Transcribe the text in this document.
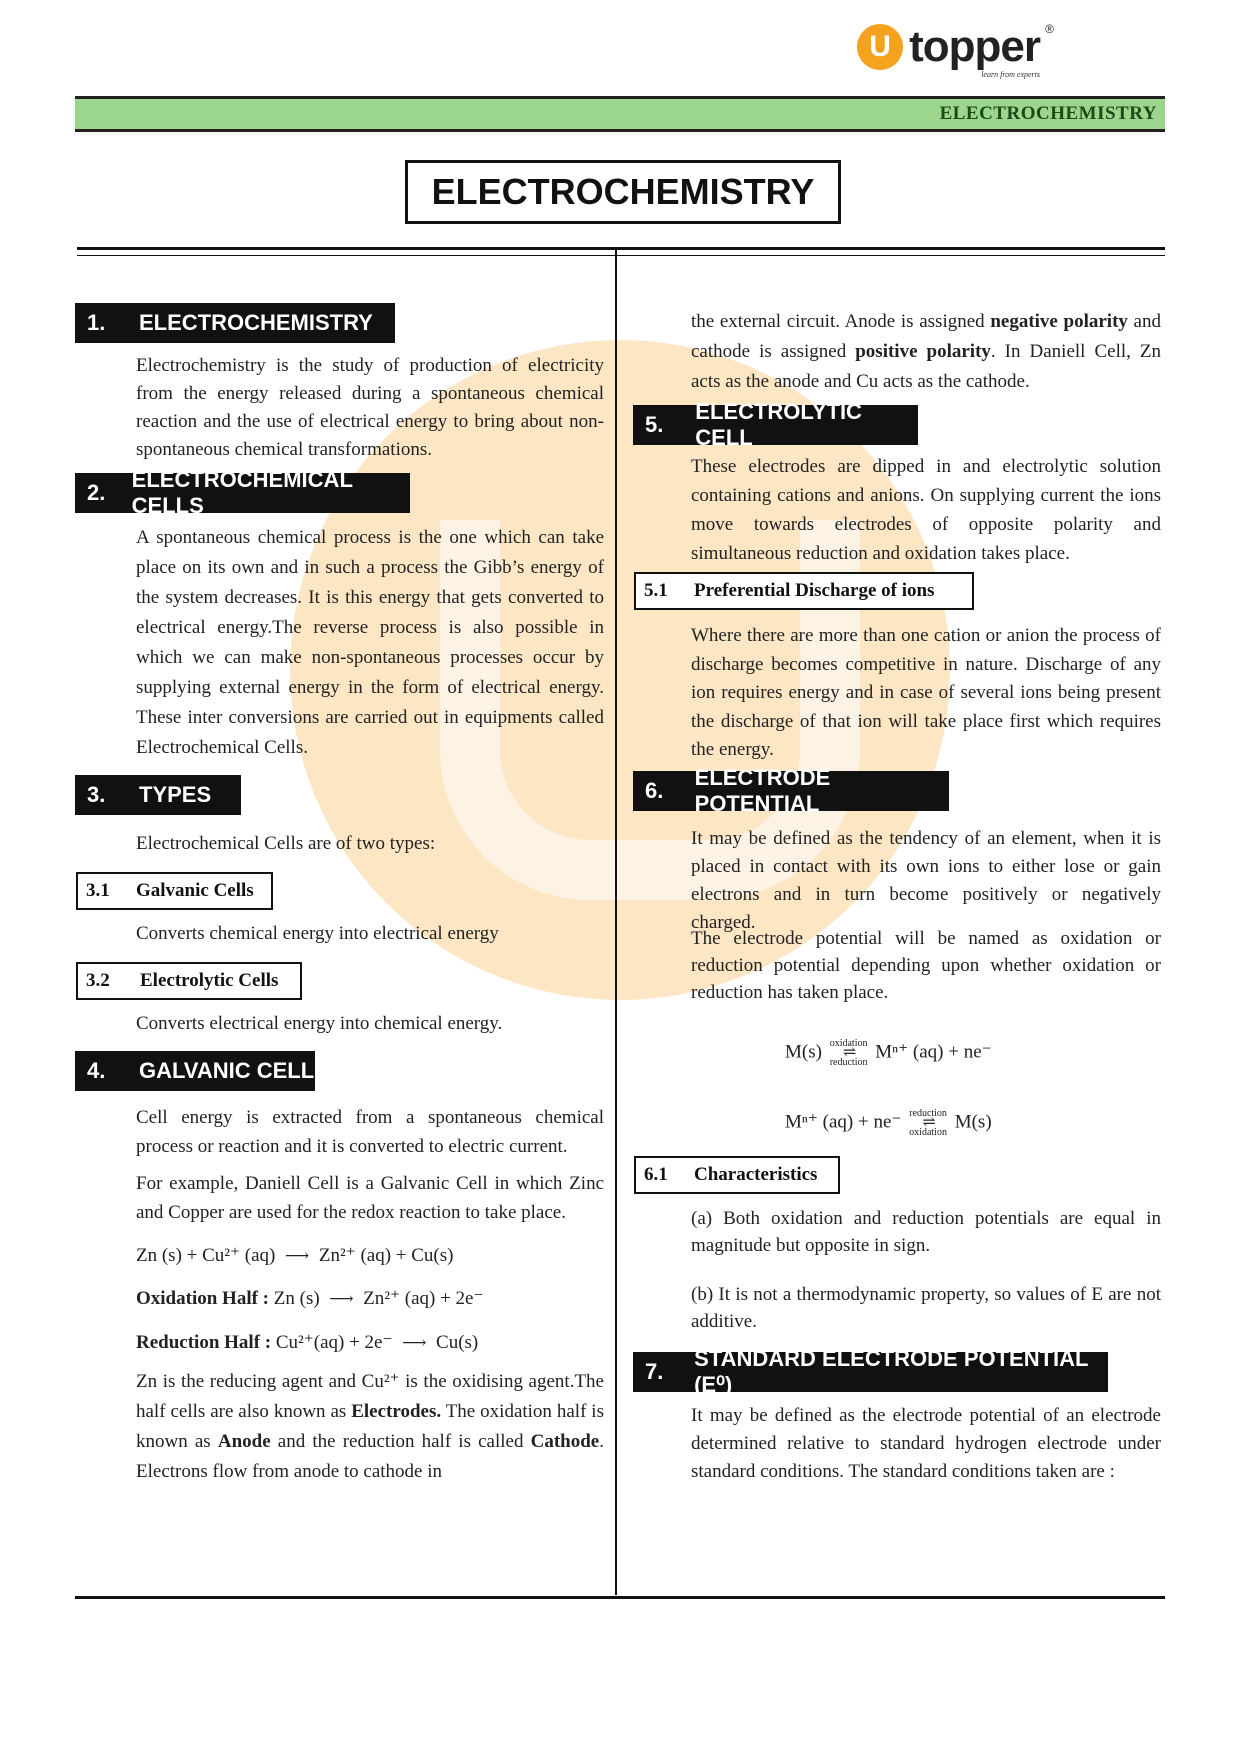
U topper ®
learn from experts
ELECTROCHEMISTRY
ELECTROCHEMISTRY
1.	ELECTROCHEMISTRY

Electrochemistry is the study of production of electricity from the energy released during a spontaneous chemical reaction and the use of electrical energy to bring about non-spontaneous chemical transformations.

2.
ELECTROCHEMICAL CELLS

A spontaneous chemical process is the one which can take place on its own and in such a process the Gibb’s energy of the system decreases. It is this energy that gets converted to electrical energy.The reverse process is also possible in which we can make non-spontaneous processes occur by supplying external energy in the form of electrical energy. These inter conversions are carried out in equipments called Electrochemical Cells.

3.	TYPES

Electrochemical Cells are of two types:

3.1	Galvanic Cells

Converts chemical energy into electrical energy

3.2	Electrolytic Cells

Converts electrical energy into chemical energy.

4.	GALVANIC CELL

Cell energy is extracted from a spontaneous chemical process or reaction and it is converted to electric current.

For example, Daniell Cell is a Galvanic Cell in which Zinc and Copper are used for the redox reaction to take place.

Zn (s) + Cu²⁺ (aq) ⟶ Zn²⁺ (aq) + Cu(s)
Oxidation Half : Zn (s) ⟶ Zn²⁺ (aq) + 2e⁻
Reduction Half : Cu²⁺(aq) + 2e⁻ ⟶ Cu(s)

Zn is the reducing agent and Cu²⁺ is the oxidising agent.The half cells are also known as Electrodes. The oxidation half is known as Anode and the reduction half is called Cathode. Electrons flow from anode to cathode in

the external circuit. Anode is assigned negative polarity and cathode is assigned positive polarity. In Daniell Cell, Zn acts as the anode and Cu acts as the cathode.

5.
ELECTROLYTIC CELL

These electrodes are dipped in and electrolytic solution containing cations and anions. On supplying current the ions move towards electrodes of opposite polarity and simultaneous reduction and oxidation takes place.

5.1	Preferential Discharge of ions

Where there are more than one cation or anion the process of discharge becomes competitive in nature. Discharge of any ion requires energy and in case of several ions being present the discharge of that ion will take place first which requires the energy.

6.
ELECTRODE POTENTIAL

It may be defined as the tendency of an element, when it is placed in contact with its own ions to either lose or gain electrons and in turn become positively or negatively charged.

The electrode potential will be named as oxidation or reduction potential depending upon whether oxidation or reduction has taken place.

M(s) oxidation
⇌
reduction
Mⁿ⁺ (aq) + ne⁻
Mⁿ⁺ (aq) + ne⁻ reduction
⇌
oxidation
M(s)
6.1	Characteristics

(a) Both oxidation and reduction potentials are equal in magnitude but opposite in sign.

(b) It is not a thermodynamic property, so values of E are not additive.

7.
STANDARD ELECTRODE POTENTIAL (E⁰)

It may be defined as the electrode potential of an electrode determined relative to standard hydrogen electrode under standard conditions. The standard conditions taken are :
